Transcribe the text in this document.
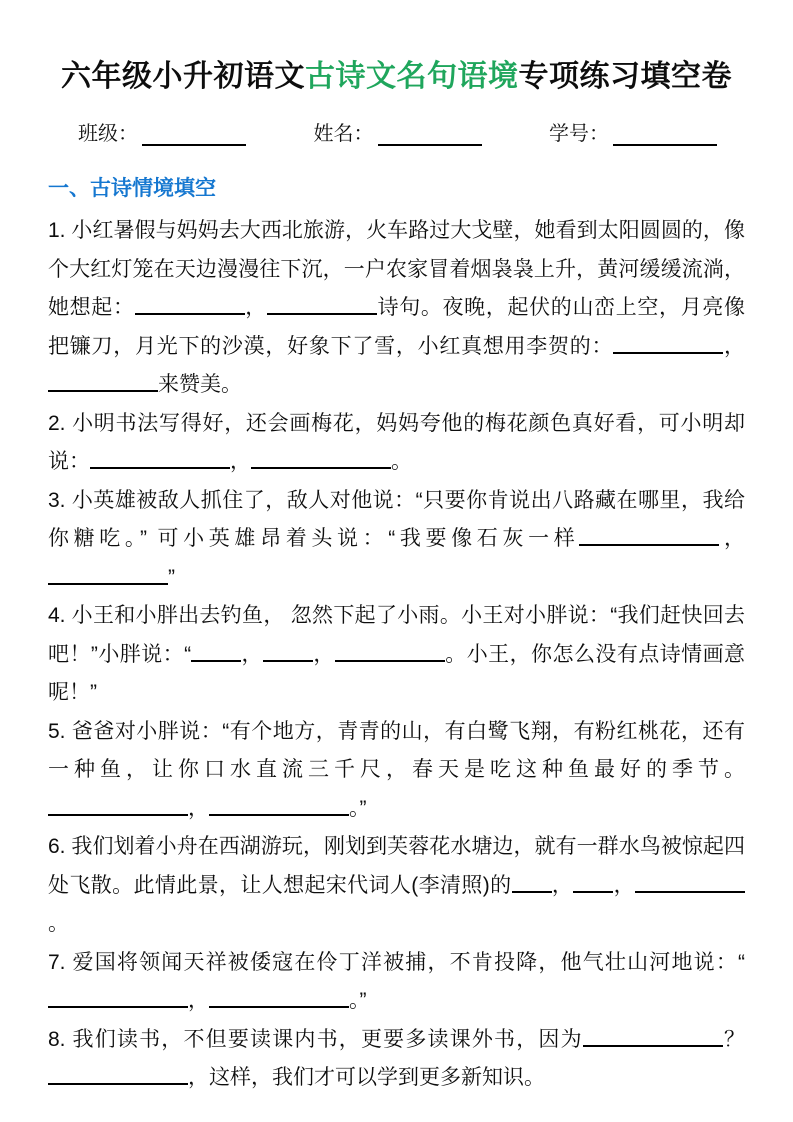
六年级小升初语文古诗文名句语境专项练习填空卷
班级：	姓名：	学号：
一、古诗情境填空

1. 小红暑假与妈妈去大西北旅游，火车路过大戈壁，她看到太阳圆圆的，像个大红灯笼在天边漫漫往下沉，一户农家冒着烟袅袅上升，黄河缓缓流淌，她想起：	，	诗句。夜晚，起伏的山峦上空，月亮像把镰刀，月光下的沙漠，好象下了雪，小红真想用李贺的：	，来赞美。

2. 小明书法写得好，还会画梅花，妈妈夸他的梅花颜色真好看，可小明却说：	，	。

3. 小英雄被敌人抓住了，敌人对他说：“只要你肯说出八路藏在哪里，我给你糖吃。” 可小英雄昂着头说：“我要像石灰一样	，”

4. 小王和小胖出去钓鱼， 忽然下起了小雨。小王对小胖说：“我们赶快回去吧！”小胖说：“ ， ，	。小王，你怎么没有点诗情画意呢！”

5. 爸爸对小胖说：“有个地方，青青的山，有白鹭飞翔，有粉红桃花，还有一种鱼，让你口水直流三千尺，春天是吃这种鱼最好的季节。，	。”

6. 我们划着小舟在西湖游玩，刚划到芙蓉花水塘边，就有一群水鸟被惊起四处飞散。此情此景，让人想起宋代词人(李清照)的 ， ，。

7. 爱国将领闻天祥被倭寇在伶丁洋被捕，不肯投降，他气壮山河地说：“，	。”

8. 我们读书，不但要读课内书，更要多读课外书，因为	？，这样，我们才可以学到更多新知识。
